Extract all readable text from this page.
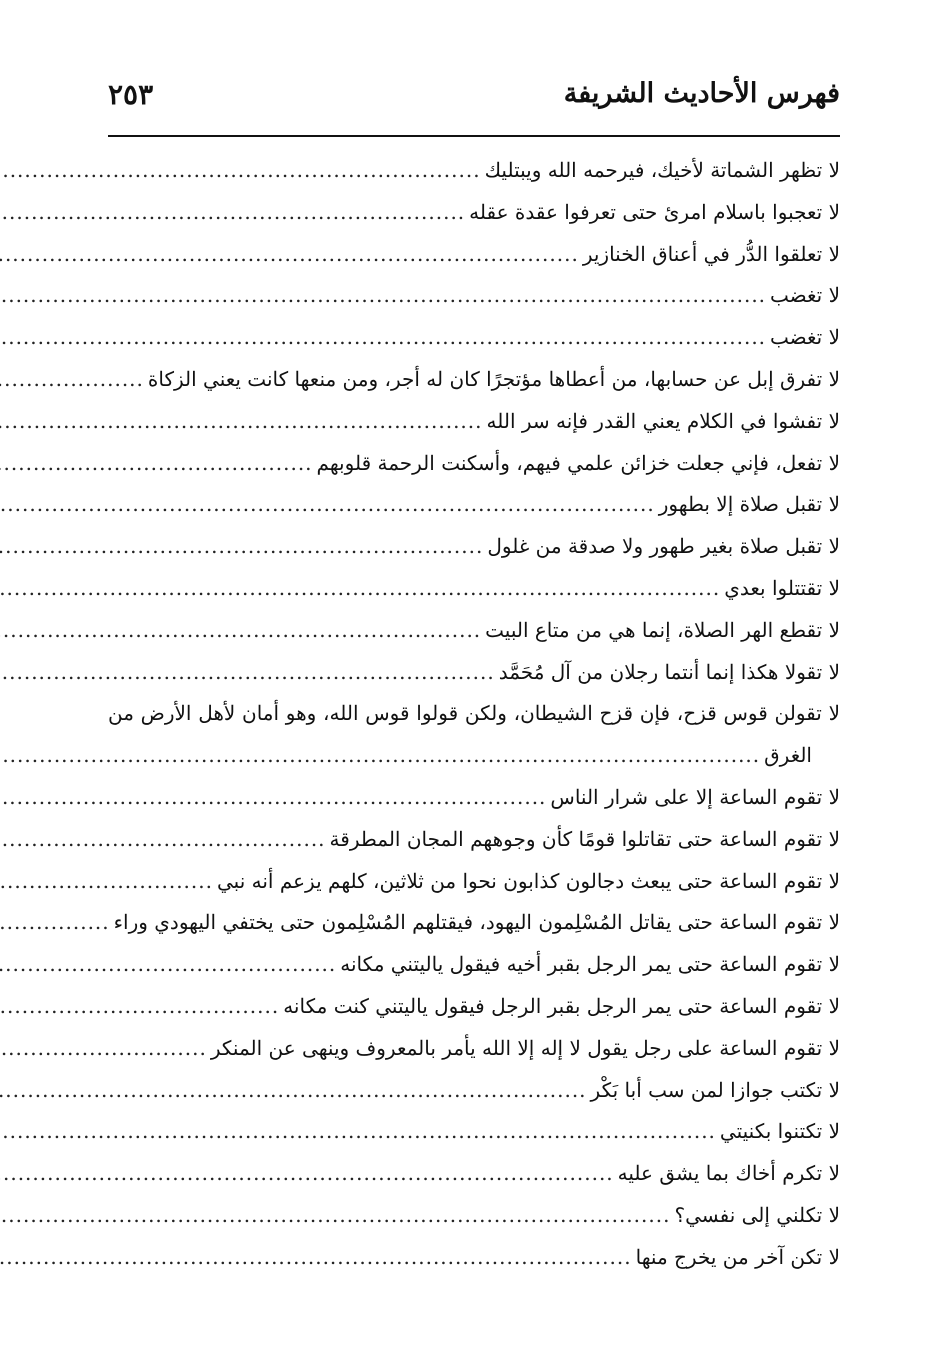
فهرس الأحاديث الشريفة
٢٥٣
لا تظهر الشماتة لأخيك، فيرحمه الله ويبتليك
.....
لا تعجبوا باسلام امرئ حتى تعرفوا عقدة عقله
.....
لا تعلقوا الدُّر في أعناق الخنازير
.....
لا تغضب
.....
لا تغضب
.....
لا تفرق إبل عن حسابها، من أعطاها مؤتجرًا كان له أجر، ومن منعها كانت يعني الزكاة
.....
لا تفشوا في الكلام يعني القدر فإنه سر الله
.....
لا تفعل، فإني جعلت خزائن علمي فيهم، وأسكنت الرحمة قلوبهم
.....
لا تقبل صلاة إلا بطهور
.....
لا تقبل صلاة بغير طهور ولا صدقة من غلول
.....
لا تقتتلوا بعدي
.....
لا تقطع الهر الصلاة، إنما هي من متاع البيت
.....
لا تقولا هكذا إنما أنتما رجلان من آل مُحَمَّد
.....
لا تقولن قوس قزح، فإن قزح الشيطان، ولكن قولوا قوس الله، وهو أمان لأهل الأرض من
الغرق
.....
لا تقوم الساعة إلا على شرار الناس
.....
لا تقوم الساعة حتى تقاتلوا قومًا كأن وجوههم المجان المطرقة
.....
لا تقوم الساعة حتى يبعث دجالون كذابون نحوا من ثلاثين، كلهم يزعم أنه نبي
.....
لا تقوم الساعة حتى يقاتل المُسْلِمون اليهود، فيقتلهم المُسْلِمون حتى يختفي اليهودي وراء
.....
لا تقوم الساعة حتى يمر الرجل بقبر أخيه فيقول ياليتني مكانه
.....
لا تقوم الساعة حتى يمر الرجل بقبر الرجل فيقول ياليتني كنت مكانه
.....
لا تقوم الساعة على رجل يقول لا إله إلا الله يأمر بالمعروف وينهى عن المنكر
.....
لا تكتب جوازا لمن سب أبا بَكْر
.....
لا تكتنوا بكنيتي
.....
لا تكرم أخاك بما يشق عليه
.....
لا تكلني إلى نفسي؟
.....
لا تكن آخر من يخرج منها
.....
